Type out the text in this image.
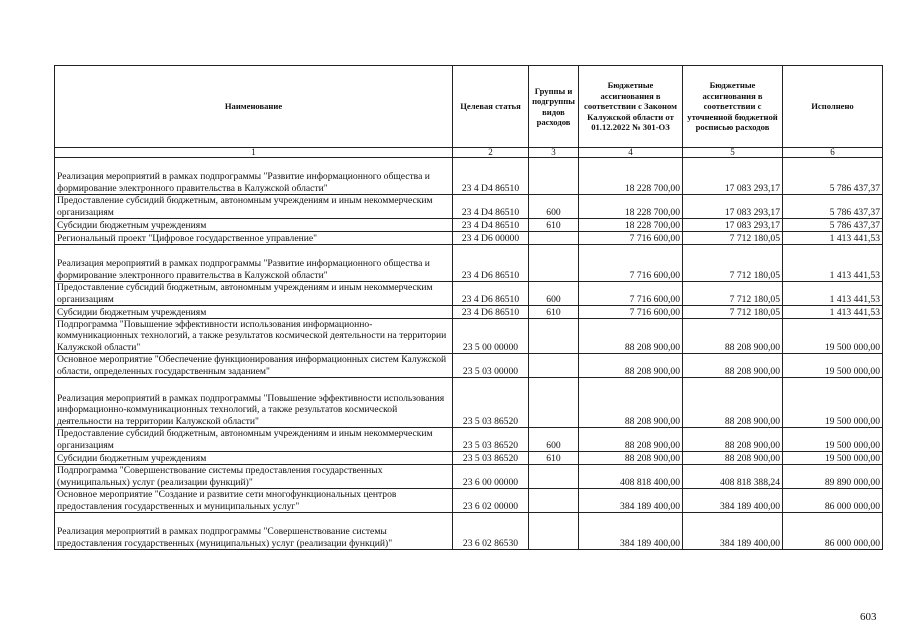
Наименование	Целевая статья	Группы и подгруппы видов расходов	Бюджетные ассигнования в соответствии с Законом Калужской области от 01.12.2022 № 301-ОЗ	Бюджетные ассигнования в соответствии с уточненной бюджетной росписью расходов	Исполнено
1	2	3	4	5	6
Реализация мероприятий в рамках подпрограммы "Развитие информационного общества и формирование электронного правительства в Калужской области"	23 4 D4 86510		18 228 700,00	17 083 293,17	5 786 437,37
Предоставление субсидий бюджетным, автономным учреждениям и иным некоммерческим организациям	23 4 D4 86510	600	18 228 700,00	17 083 293,17	5 786 437,37
Субсидии бюджетным учреждениям	23 4 D4 86510	610	18 228 700,00	17 083 293,17	5 786 437,37
Региональный проект "Цифровое государственное управление"	23 4 D6 00000		7 716 600,00	7 712 180,05	1 413 441,53
Реализация мероприятий в рамках подпрограммы "Развитие информационного общества и формирование электронного правительства в Калужской области"	23 4 D6 86510		7 716 600,00	7 712 180,05	1 413 441,53
Предоставление субсидий бюджетным, автономным учреждениям и иным некоммерческим организациям	23 4 D6 86510	600	7 716 600,00	7 712 180,05	1 413 441,53
Субсидии бюджетным учреждениям	23 4 D6 86510	610	7 716 600,00	7 712 180,05	1 413 441,53
Подпрограмма "Повышение эффективности использования информационно-коммуникационных технологий, а также результатов космической деятельности на территории Калужской области"	23 5 00 00000		88 208 900,00	88 208 900,00	19 500 000,00
Основное мероприятие "Обеспечение функционирования информационных систем Калужской области, определенных государственным заданием"	23 5 03 00000		88 208 900,00	88 208 900,00	19 500 000,00
Реализация мероприятий в рамках подпрограммы "Повышение эффективности использования информационно-коммуникационных технологий, а также результатов космической деятельности на территории Калужской области"	23 5 03 86520		88 208 900,00	88 208 900,00	19 500 000,00
Предоставление субсидий бюджетным, автономным учреждениям и иным некоммерческим организациям	23 5 03 86520	600	88 208 900,00	88 208 900,00	19 500 000,00
Субсидии бюджетным учреждениям	23 5 03 86520	610	88 208 900,00	88 208 900,00	19 500 000,00
Подпрограмма "Совершенствование системы предоставления государственных (муниципальных) услуг (реализации функций)"	23 6 00 00000		408 818 400,00	408 818 388,24	89 890 000,00
Основное мероприятие "Создание и развитие сети многофункциональных центров предоставления государственных и муниципальных услуг"	23 6 02 00000		384 189 400,00	384 189 400,00	86 000 000,00
Реализация мероприятий в рамках подпрограммы "Совершенствование системы предоставления государственных (муниципальных) услуг (реализации функций)"	23 6 02 86530		384 189 400,00	384 189 400,00	86 000 000,00
603
